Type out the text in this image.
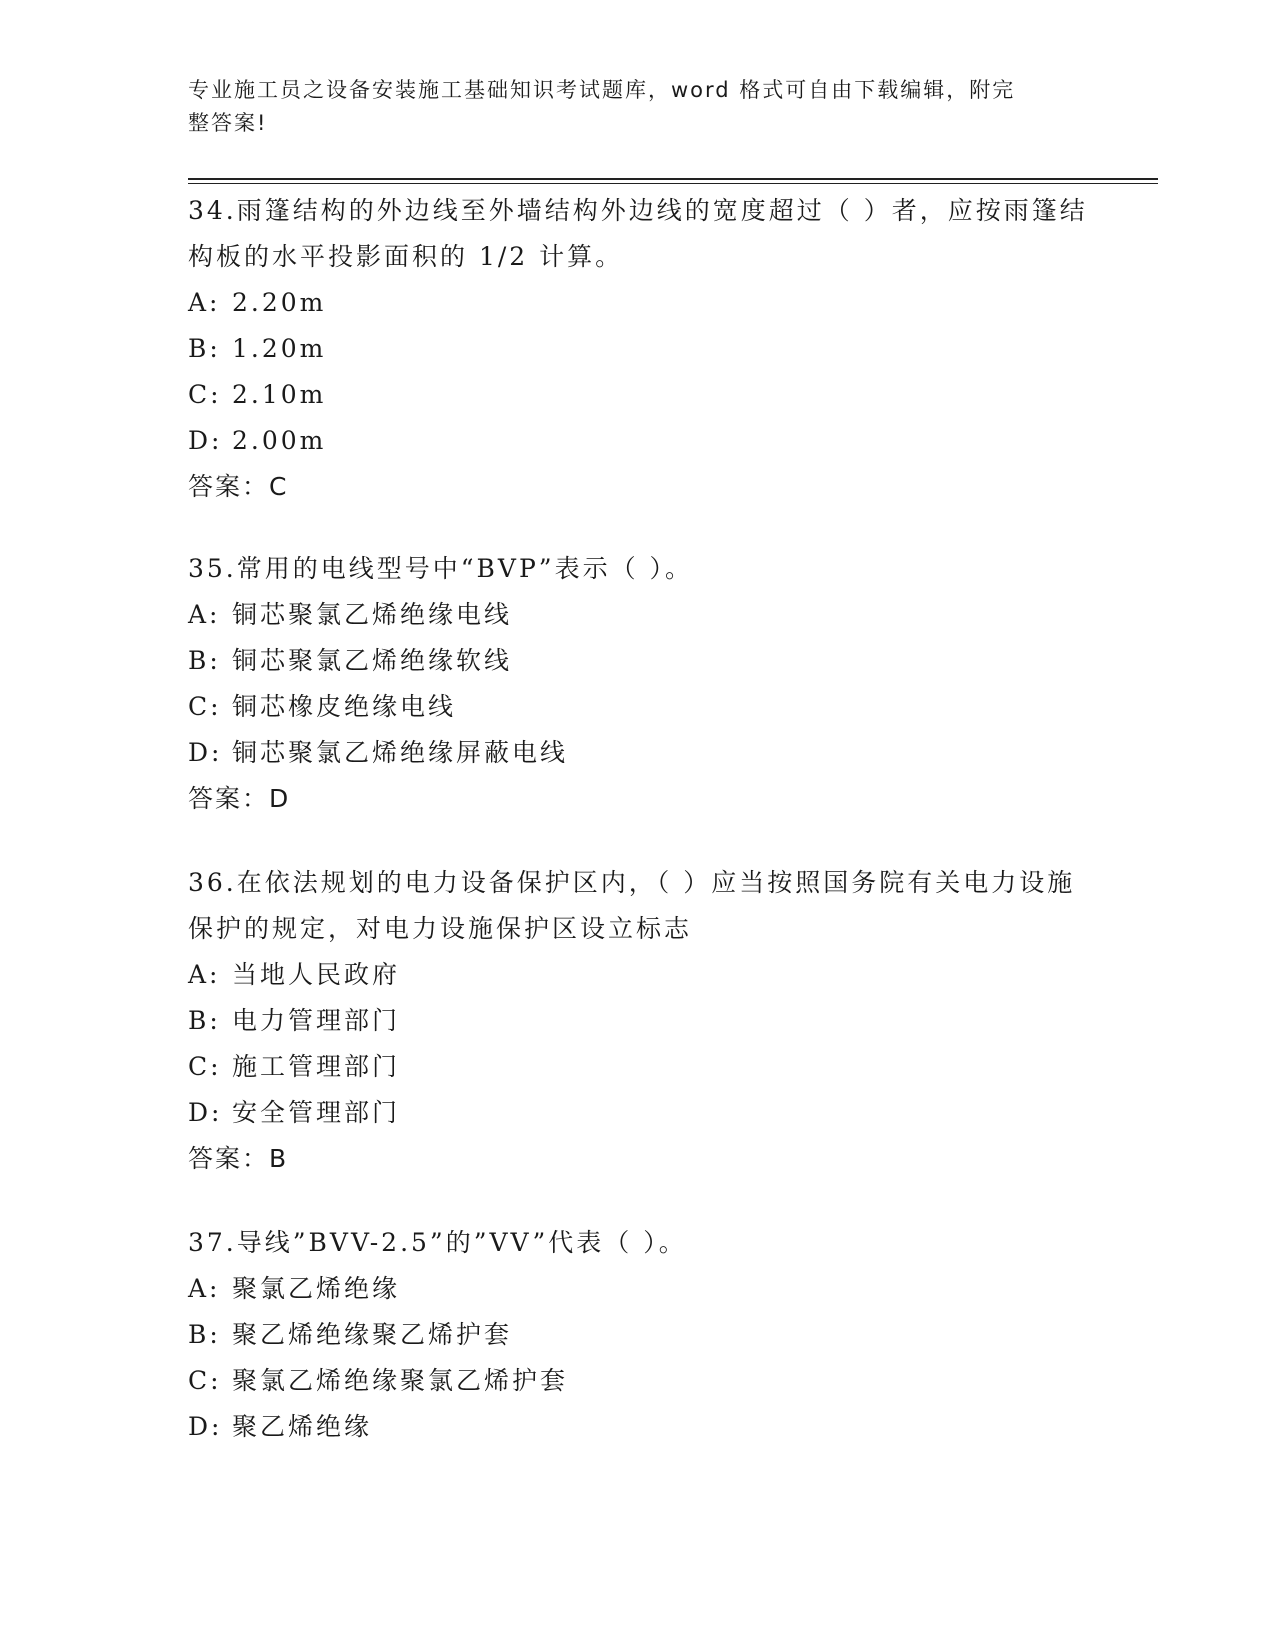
专业施工员之设备安装施工基础知识考试题库，word 格式可自由下载编辑，附完
整答案!
34.雨篷结构的外边线至外墙结构外边线的宽度超过（ ）者，应按雨篷结构板的水平投影面积的 1/2 计算。
A: 2.20m
B: 1.20m
C: 2.10m
D: 2.00m
答案：C
35.常用的电线型号中“BVP”表示（ ）。
A: 铜芯聚氯乙烯绝缘电线
B: 铜芯聚氯乙烯绝缘软线
C: 铜芯橡皮绝缘电线
D: 铜芯聚氯乙烯绝缘屏蔽电线
答案：D
36.在依法规划的电力设备保护区内，（ ）应当按照国务院有关电力设施保护的规定，对电力设施保护区设立标志
A: 当地人民政府
B: 电力管理部门
C: 施工管理部门
D: 安全管理部门
答案：B
37.导线”BVV-2.5”的”VV”代表（ ）。
A: 聚氯乙烯绝缘
B: 聚乙烯绝缘聚乙烯护套
C: 聚氯乙烯绝缘聚氯乙烯护套
D: 聚乙烯绝缘
